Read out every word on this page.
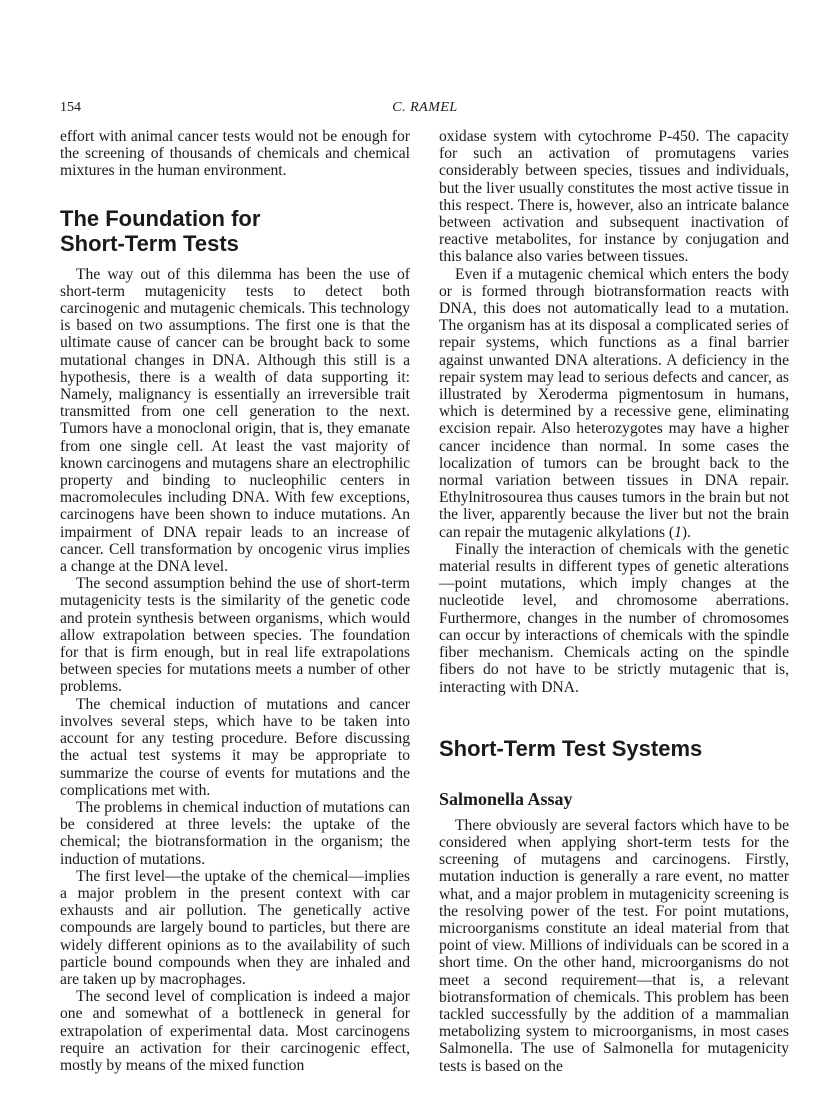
154	C. RAMEL

effort with animal cancer tests would not be enough for the screening of thousands of chemicals and chemical mixtures in the human environment.

The Foundation for
Short-Term Tests

The way out of this dilemma has been the use of short-term mutagenicity tests to detect both carcinogenic and mutagenic chemicals. This technology is based on two assumptions. The first one is that the ultimate cause of cancer can be brought back to some mutational changes in DNA. Although this still is a hypothesis, there is a wealth of data supporting it: Namely, malignancy is essentially an irreversible trait transmitted from one cell generation to the next. Tumors have a monoclonal origin, that is, they emanate from one single cell. At least the vast majority of known carcinogens and mutagens share an electrophilic property and binding to nucleophilic centers in macromolecules including DNA. With few exceptions, carcinogens have been shown to induce mutations. An impairment of DNA repair leads to an increase of cancer. Cell transformation by oncogenic virus implies a change at the DNA level.

The second assumption behind the use of short-term mutagenicity tests is the similarity of the genetic code and protein synthesis between organisms, which would allow extrapolation between species. The foundation for that is firm enough, but in real life extrapolations between species for mutations meets a number of other problems.

The chemical induction of mutations and cancer involves several steps, which have to be taken into account for any testing procedure. Before discussing the actual test systems it may be appropriate to summarize the course of events for mutations and the complications met with.

The problems in chemical induction of mutations can be considered at three levels: the uptake of the chemical; the biotransformation in the organism; the induction of mutations.

The first level—the uptake of the chemical—implies a major problem in the present context with car exhausts and air pollution. The genetically active compounds are largely bound to particles, but there are widely different opinions as to the availability of such particle bound compounds when they are inhaled and are taken up by macrophages.

The second level of complication is indeed a major one and somewhat of a bottleneck in general for extrapolation of experimental data. Most carcinogens require an activation for their carcinogenic effect, mostly by means of the mixed function

oxidase system with cytochrome P-450. The capacity for such an activation of promutagens varies considerably between species, tissues and individuals, but the liver usually constitutes the most active tissue in this respect. There is, however, also an intricate balance between activation and subsequent inactivation of reactive metabolites, for instance by conjugation and this balance also varies between tissues.

Even if a mutagenic chemical which enters the body or is formed through biotransformation reacts with DNA, this does not automatically lead to a mutation. The organism has at its disposal a complicated series of repair systems, which functions as a final barrier against unwanted DNA alterations. A deficiency in the repair system may lead to serious defects and cancer, as illustrated by Xeroderma pigmentosum in humans, which is determined by a recessive gene, eliminating excision repair. Also heterozygotes may have a higher cancer incidence than normal. In some cases the localization of tumors can be brought back to the normal variation between tissues in DNA repair. Ethylnitrosourea thus causes tumors in the brain but not the liver, apparently because the liver but not the brain can repair the mutagenic alkylations (1).

Finally the interaction of chemicals with the genetic material results in different types of genetic alterations—point mutations, which imply changes at the nucleotide level, and chromosome aberrations. Furthermore, changes in the number of chromosomes can occur by interactions of chemicals with the spindle fiber mechanism. Chemicals acting on the spindle fibers do not have to be strictly mutagenic that is, interacting with DNA.

Short-Term Test Systems
Salmonella Assay

There obviously are several factors which have to be considered when applying short-term tests for the screening of mutagens and carcinogens. Firstly, mutation induction is generally a rare event, no matter what, and a major problem in mutagenicity screening is the resolving power of the test. For point mutations, microorganisms constitute an ideal material from that point of view. Millions of individuals can be scored in a short time. On the other hand, microorganisms do not meet a second requirement—that is, a relevant biotransformation of chemicals. This problem has been tackled successfully by the addition of a mammalian metabolizing system to microorganisms, in most cases Salmonella. The use of Salmonella for mutagenicity tests is based on the
